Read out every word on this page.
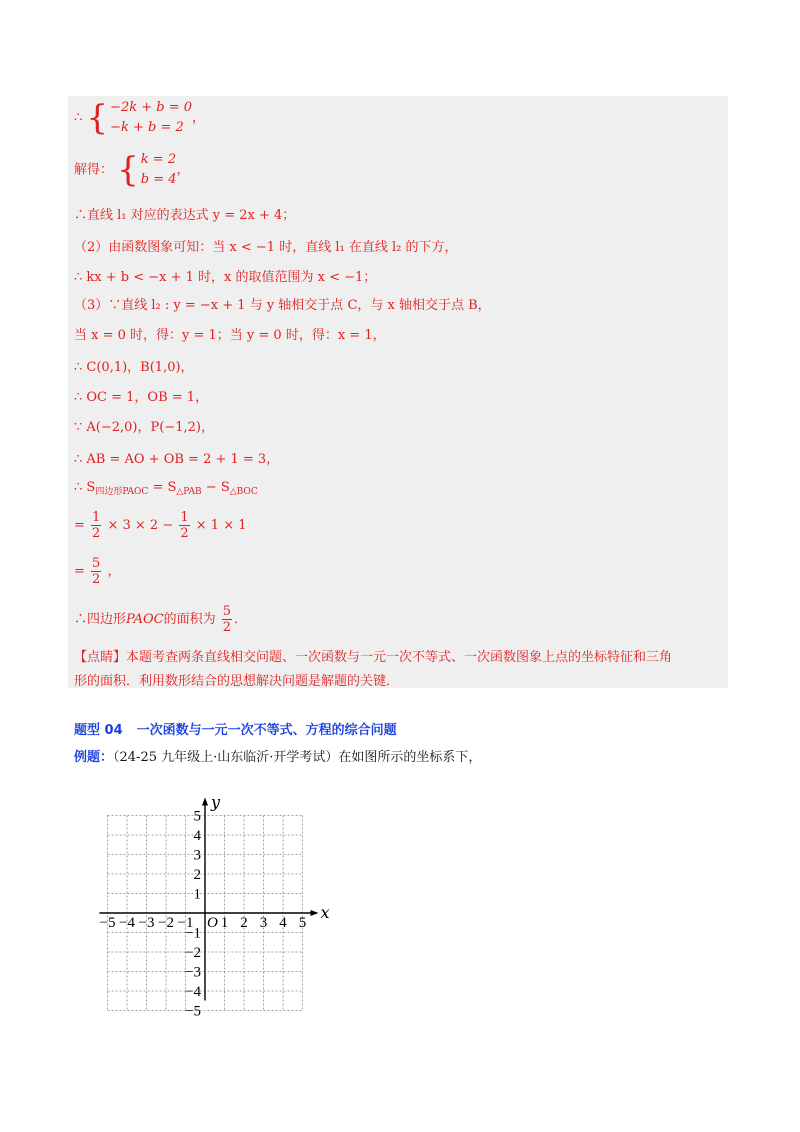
∴ { −2k + b = 0
−k + b = 2
，
解得： { k = 2
b = 4
，
∴直线 l₁ 对应的表达式 y = 2x + 4；
（2）由函数图象可知：当 x < −1 时，直线 l₁ 在直线 l₂ 的下方，
∴ kx + b < −x + 1 时，x 的取值范围为 x < −1；
（3）∵直线 l₂ : y = −x + 1 与 y 轴相交于点 C，与 x 轴相交于点 B，
当 x = 0 时，得：y = 1；当 y = 0 时，得：x = 1，
∴ C(0,1)，B(1,0)，
∴ OC = 1，OB = 1，
∵ A(−2,0)，P(−1,2)，
∴ AB = AO + OB = 2 + 1 = 3，
∴ $S_{四边形PAOC} = S_{\triangle PAB} - S_{\triangle BOC}$
= $\frac{1}{2} \times 3 \times 2 - \frac{1}{2} \times 1 \times 1$
= $\frac{5}{2}$ ，
∴四边形PAOC的面积为 $\frac{5}{2}$ ．
【点睛】本题考查两条直线相交问题、一次函数与一元一次不等式、一次函数图象上点的坐标特征和三角
形的面积．利用数形结合的思想解决问题是解题的关键．
题型 04 一次函数与一元一次不等式、方程的综合问题
例题：（24-25 九年级上·山东临沂·开学考试）在如图所示的坐标系下，
x
y
O
−5 −4 −3 −2 −1 1 2 3 4 5
5
4
3
2
1
−1
−2
−3
−4
−5
